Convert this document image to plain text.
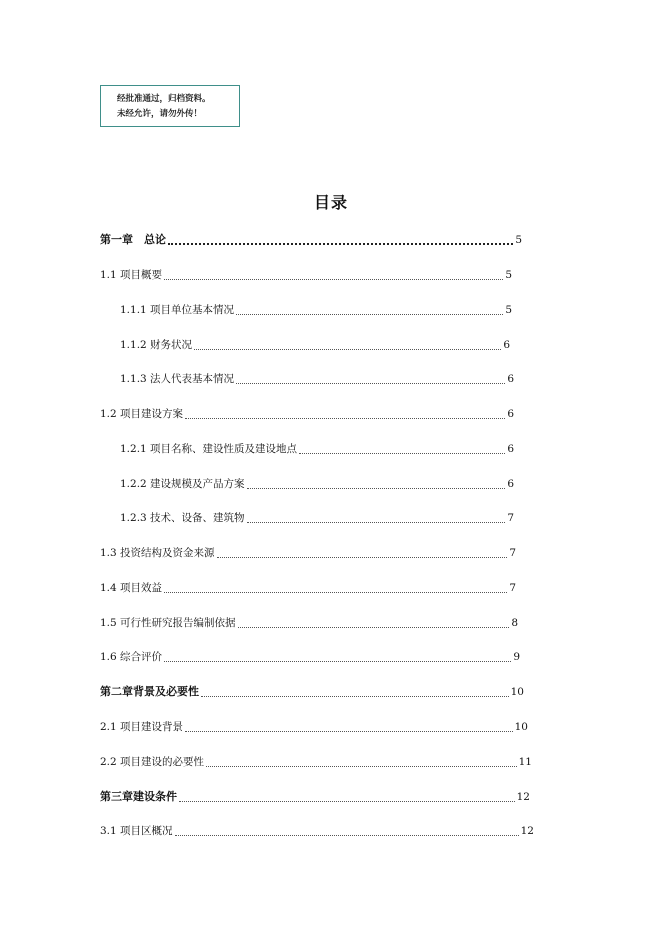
经批准通过，归档资料。
未经允许，请勿外传！
目录
第一章　总论	5
1.1 项目概要	5
1.1.1 项目单位基本情况	5
1.1.2 财务状况	6
1.1.3 法人代表基本情况	6
1.2 项目建设方案	6
1.2.1 项目名称、建设性质及建设地点	6
1.2.2 建设规模及产品方案	6
1.2.3 技术、设备、建筑物	7
1.3 投资结构及资金来源	7
1.4 项目效益	7
1.5 可行性研究报告编制依据	8
1.6 综合评价	9
第二章背景及必要性	10
2.1 项目建设背景	10
2.2 项目建设的必要性	11
第三章建设条件	12
3.1 项目区概况	12
